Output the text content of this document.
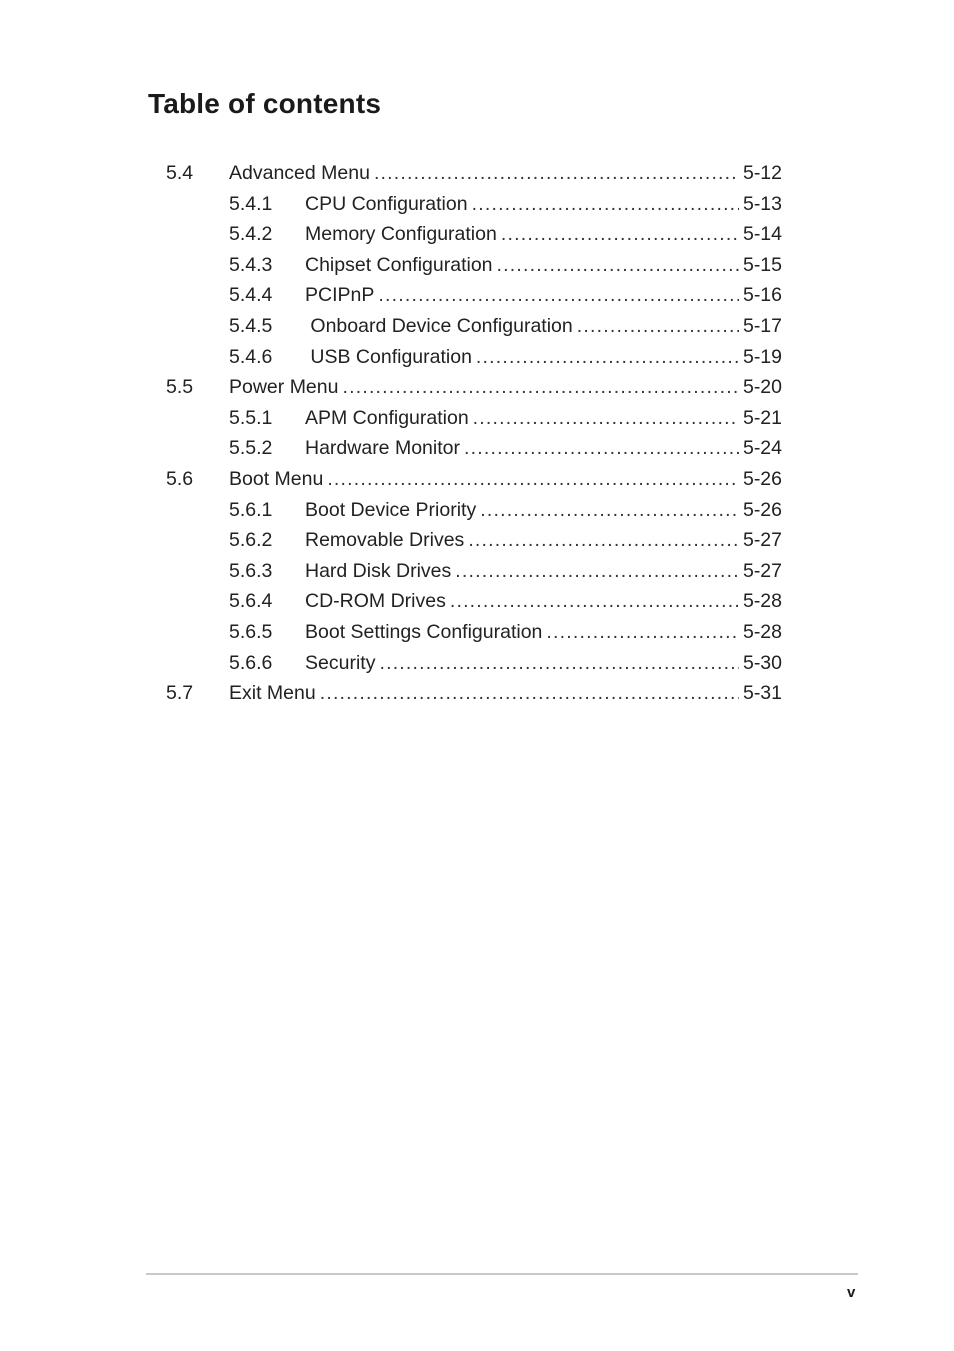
Table of contents
5.4 Advanced Menu .....	5-12
5.4.1 CPU Configuration .....	5-13
5.4.2 Memory Configuration .....	5-14
5.4.3 Chipset Configuration .....	5-15
5.4.4 PCIPnP .....	5-16
5.4.5 Onboard Device Configuration .....	5-17
5.4.6 USB Configuration .....	5-19
5.5 Power Menu .....	5-20
5.5.1 APM Configuration .....	5-21
5.5.2 Hardware Monitor .....	5-24
5.6 Boot Menu .....	5-26
5.6.1 Boot Device Priority .....	5-26
5.6.2 Removable Drives .....	5-27
5.6.3 Hard Disk Drives .....	5-27
5.6.4 CD-ROM Drives .....	5-28
5.6.5 Boot Settings Configuration .....	5-28
5.6.6 Security .....	5-30
5.7 Exit Menu .....	5-31
v
